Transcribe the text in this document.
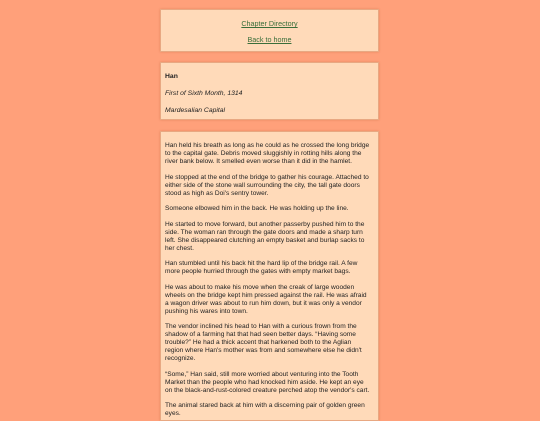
Chapter Directory
Back to home

Han

First of Sixth Month, 1314

Mardesalian Capital

Han held his breath as long as he could as he crossed the long bridge to the capital gate. Debris moved sluggishly in rotting hills along the river bank below. It smelled even worse than it did in the hamlet.

He stopped at the end of the bridge to gather his courage. Attached to either side of the stone wall surrounding the city, the tall gate doors stood as high as Doi's sentry tower.

Someone elbowed him in the back. He was holding up the line.

He started to move forward, but another passerby pushed him to the side. The woman ran through the gate doors and made a sharp turn left. She disappeared clutching an empty basket and burlap sacks to her chest.

Han stumbled until his back hit the hard lip of the bridge rail. A few more people hurried through the gates with empty market bags.

He was about to make his move when the creak of large wooden wheels on the bridge kept him pressed against the rail. He was afraid a wagon driver was about to run him down, but it was only a vendor pushing his wares into town.

The vendor inclined his head to Han with a curious frown from the shadow of a farming hat that had seen better days. “Having some trouble?” He had a thick accent that harkened both to the Aglian region where Han's mother was from and somewhere else he didn't recognize.

“Some,” Han said, still more worried about venturing into the Tooth Market than the people who had knocked him aside. He kept an eye on the black-and-rust-colored creature perched atop the vendor's cart.

The animal stared back at him with a discerning pair of golden green eyes.
